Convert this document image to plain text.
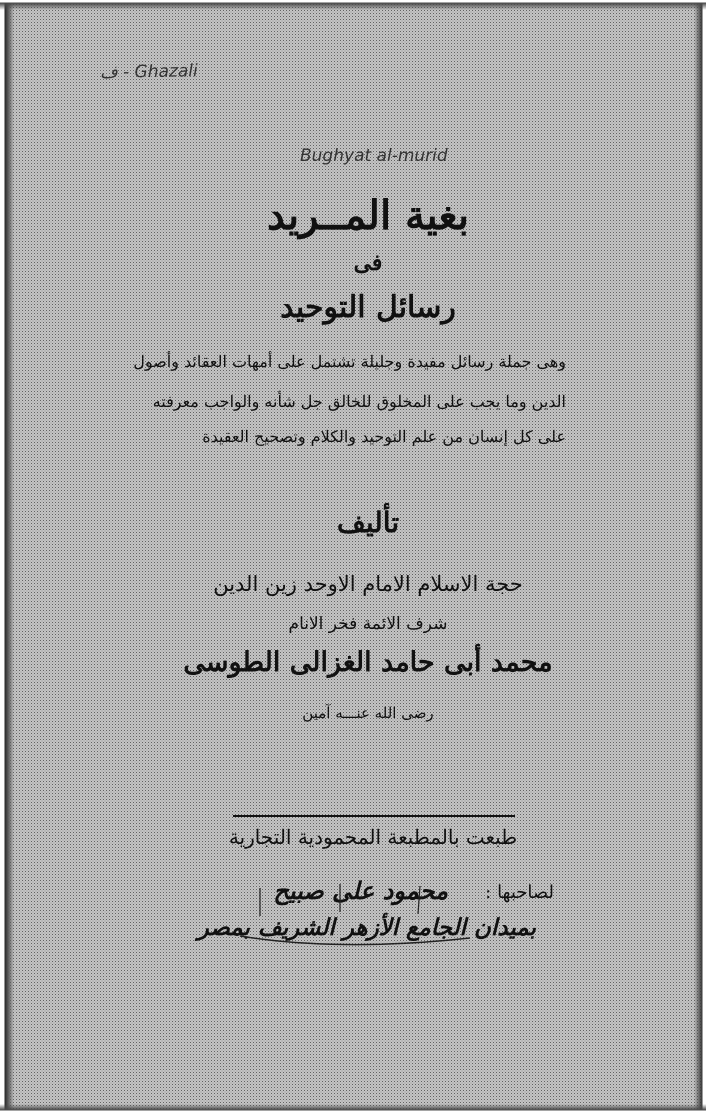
ف - Ghazali
Bughyat al-murid
بغية المــريد
فى
رسائل التوحيد
وهى جملة رسائل مفيدة وجليلة تشتمل على أمهات العقائد وأصول
الدين وما يجب على المخلوق للخالق جل شأنه والواجب معرفته
على كل إنسان من علم التوحيد والكلام وتصحيح العقيدة
تأليف
حجة الاسلام الامام الاوحد زين الدين
شرف الائمة فخر الانام
محمد أبى حامد الغزالى الطوسى
رضى الله عنـــه آمين
طبعت بالمطبعة المحمودية التجارية
لصاحبها :
محمود على صبيح
بميدان الجامع الأزهر الشريف بمصر
